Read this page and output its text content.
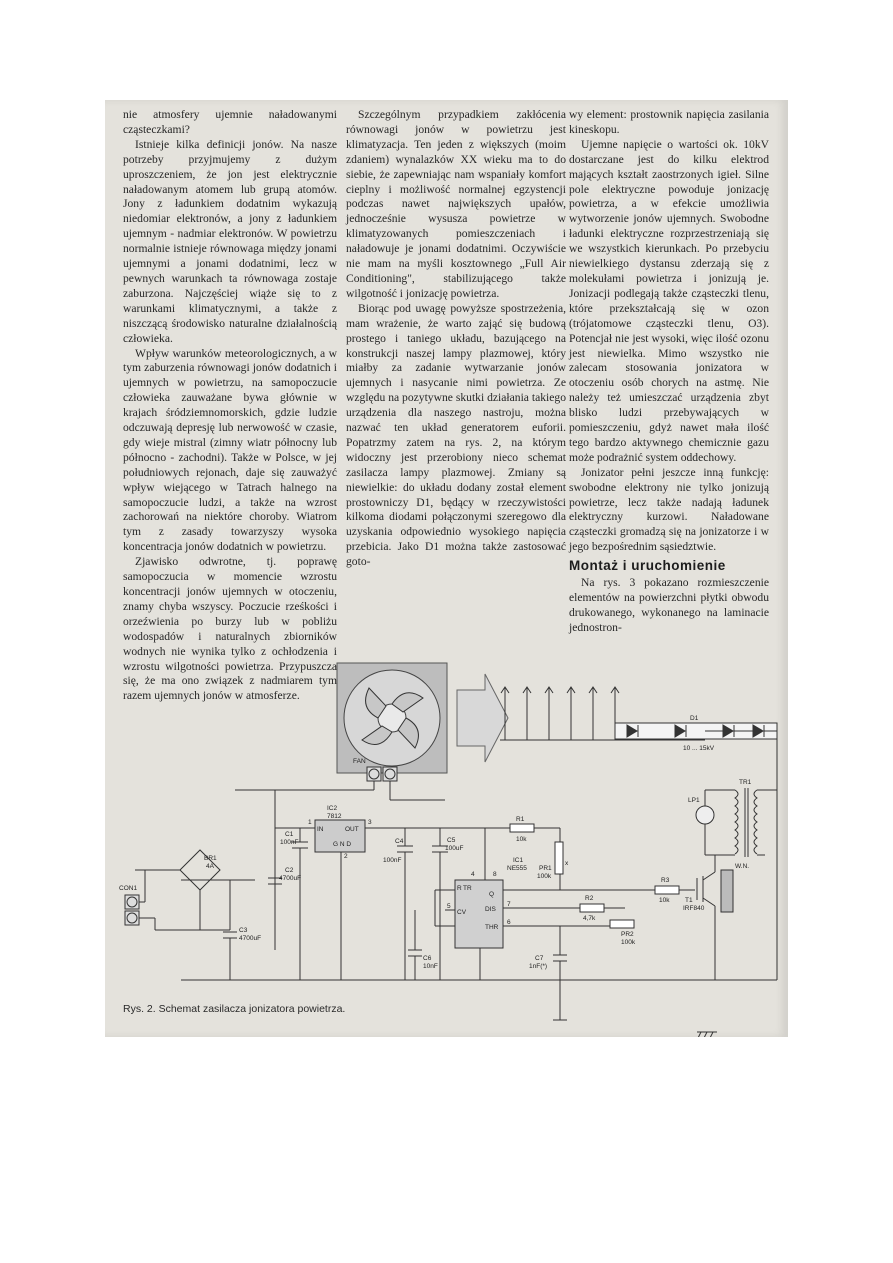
nie atmosfery ujemnie naładowanymi cząsteczkami?

Istnieje kilka definicji jonów. Na nasze potrzeby przyjmujemy z dużym uproszczeniem, że jon jest elektrycznie naładowanym atomem lub grupą atomów. Jony z ładunkiem dodatnim wykazują niedomiar elektronów, a jony z ładunkiem ujemnym - nadmiar elektronów. W powietrzu normalnie istnieje równowaga między jonami ujemnymi a jonami dodatnimi, lecz w pewnych warunkach ta równowaga zostaje zaburzona. Najczęściej wiąże się to z warunkami klimatycznymi, a także z niszczącą środowisko naturalne działalnością człowieka.

Wpływ warunków meteorologicznych, a w tym zaburzenia równowagi jonów dodatnich i ujemnych w powietrzu, na samopoczucie człowieka zauważane bywa głównie w krajach śródziemnomorskich, gdzie ludzie odczuwają depresję lub nerwowość w czasie, gdy wieje mistral (zimny wiatr północny lub północno - zachodni). Także w Polsce, w jej południowych rejonach, daje się zauważyć wpływ wiejącego w Tatrach halnego na samopoczucie ludzi, a także na wzrost zachorowań na niektóre choroby. Wiatrom tym z zasady towarzyszy wysoka koncentracja jonów dodatnich w powietrzu.

Zjawisko odwrotne, tj. poprawę samopoczucia w momencie wzrostu koncentracji jonów ujemnych w otoczeniu, znamy chyba wszyscy. Poczucie rześkości i orzeźwienia po burzy lub w pobliżu wodospadów i naturalnych zbiorników wodnych nie wynika tylko z ochłodzenia i wzrostu wilgotności powietrza. Przypuszcza się, że ma ono związek z nadmiarem tym razem ujemnych jonów w atmosferze.

Szczególnym przypadkiem zakłócenia równowagi jonów w powietrzu jest klimatyzacja. Ten jeden z większych (moim zdaniem) wynalazków XX wieku ma to do siebie, że zapewniając nam wspaniały komfort cieplny i możliwość normalnej egzystencji podczas nawet największych upałów, jednocześnie wysusza powietrze w klimatyzowanych pomieszczeniach i naładowuje je jonami dodatnimi. Oczywiście nie mam na myśli kosztownego „Full Air Conditioning", stabilizującego także wilgotność i jonizację powietrza.

Biorąc pod uwagę powyższe spostrzeżenia, mam wrażenie, że warto zająć się budową prostego i taniego układu, bazującego na konstrukcji naszej lampy plazmowej, który miałby za zadanie wytwarzanie jonów ujemnych i nasycanie nimi powietrza. Ze względu na pozytywne skutki działania takiego urządzenia dla naszego nastroju, można nazwać ten układ generatorem euforii. Popatrzmy zatem na rys. 2, na którym widoczny jest przerobiony nieco schemat zasilacza lampy plazmowej. Zmiany są niewielkie: do układu dodany został element prostowniczy D1, będący w rzeczywistości kilkoma diodami połączonymi szeregowo dla uzyskania odpowiednio wysokiego napięcia przebicia. Jako D1 można także zastosować goto-

wy element: prostownik napięcia zasilania kineskopu.

Ujemne napięcie o wartości ok. 10kV dostarczane jest do kilku elektrod mających kształt zaostrzonych igieł. Silne pole elektryczne powoduje jonizację powietrza, a w efekcie umożliwia wytworzenie jonów ujemnych. Swobodne ładunki elektryczne rozprzestrzeniają się we wszystkich kierunkach. Po przebyciu niewielkiego dystansu zderzają się z molekułami powietrza i jonizują je. Jonizacji podlegają także cząsteczki tlenu, które przekształcają się w ozon (trójatomowe cząsteczki tlenu, O3). Potencjał nie jest wysoki, więc ilość ozonu jest niewielka. Mimo wszystko nie zalecam stosowania jonizatora w otoczeniu osób chorych na astmę. Nie należy też umieszczać urządzenia zbyt blisko ludzi przebywających w pomieszczeniu, gdyż nawet mała ilość tego bardzo aktywnego chemicznie gazu może podrażnić system oddechowy.

Jonizator pełni jeszcze inną funkcję: swobodne elektrony nie tylko jonizują powietrze, lecz także nadają ładunek elektryczny kurzowi. Naładowane cząsteczki gromadzą się na jonizatorze i w jego bezpośrednim sąsiedztwie.

Montaż i uruchomienie

Na rys. 3 pokazano rozmieszczenie elementów na powierzchni płytki obwodu drukowanego, wykonanego na laminacie jednostron-

FAN
D1
10 ... 15kV
IC2
7812
IN	OUT
1	3
2
G N D
C1
100nF
C2
4700uF
C3
4700uF
C4
100nF
C5
100uF
C6
10nF
C7
1nF(*)
CON1
BR1
4A
R1
10k
R2
4,7k
R3
10k
PR1
100k
PR2
100k
x
IC1
NE555
R TR
Q
DIS
THR
CV
4	8
7
6
5
T1
IRF840
LP1
TR1
W.N.
Rys. 2. Schemat zasilacza jonizatora powietrza.
